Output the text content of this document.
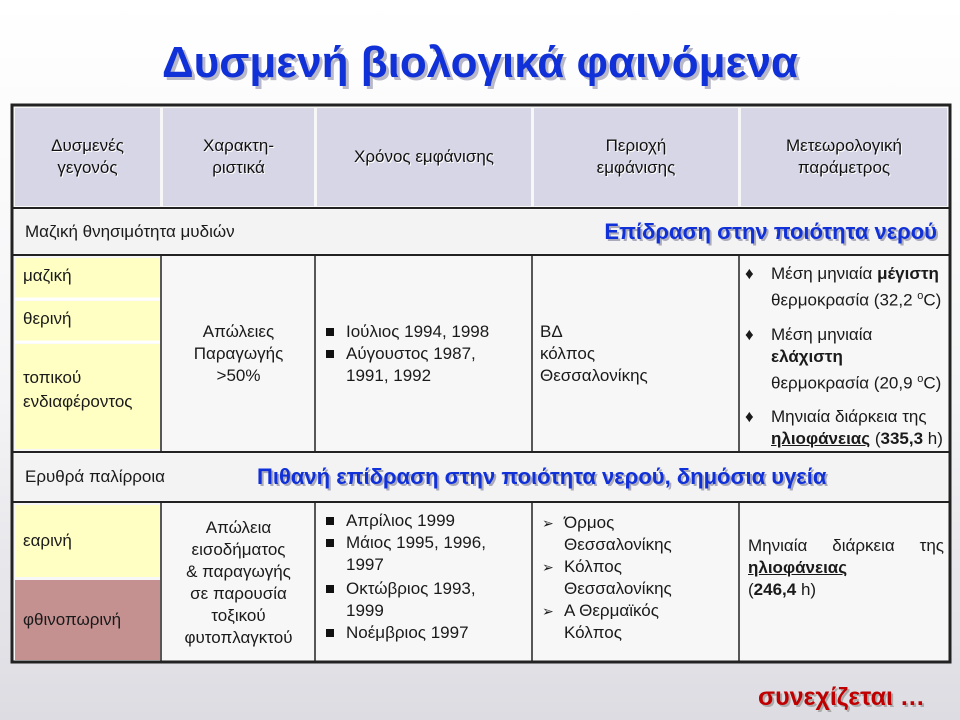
Δυσμενή βιολογικά φαινόμενα
Δυσμενές
γεγονός
Χαρακτη-
ριστικά
Χρόνος εμφάνισης
Περιοχή
εμφάνισης
Μετεωρολογική
παράμετρος
Μαζική θνησιμότητα μυδιών	Επίδραση στην ποιότητα νερού
μαζική
θερινή
τοπικού ενδιαφέροντος
Απώλειες
Παραγωγής
>50%
Ιούλιος 1994, 1998
Αύγουστος 1987, 1991, 1992
ΒΔ
κόλπος
Θεσσαλονίκης
♦ Μέση μηνιαία μέγιστη
θερμοκρασία (32,2 $^o$C)
♦ Μέση μηνιαία ελάχιστη
θερμοκρασία (20,9 $^o$C)
♦ Μηνιαία διάρκεια της
ηλιοφάνειας (335,3 h)
Ερυθρά παλίρροια	Πιθανή επίδραση στην ποιότητα νερού, δημόσια υγεία
εαρινή
φθινοπωρινή
Απώλεια
εισοδήματος
& παραγωγής
σε παρουσία
τοξικού
φυτοπλαγκτού
Απρίλιος 1999
Μάιος 1995, 1996, 1997
Οκτώβριος 1993, 1999
Νοέμβριος 1997
➢ Όρμος Θεσσαλονίκης
➢ Κόλπος Θεσσαλονίκης
➢ Α Θερμαϊκός Κόλπος
Μηνιαία διάρκεια της
ηλιοφάνειας
(246,4 h)
συνεχίζεται …
